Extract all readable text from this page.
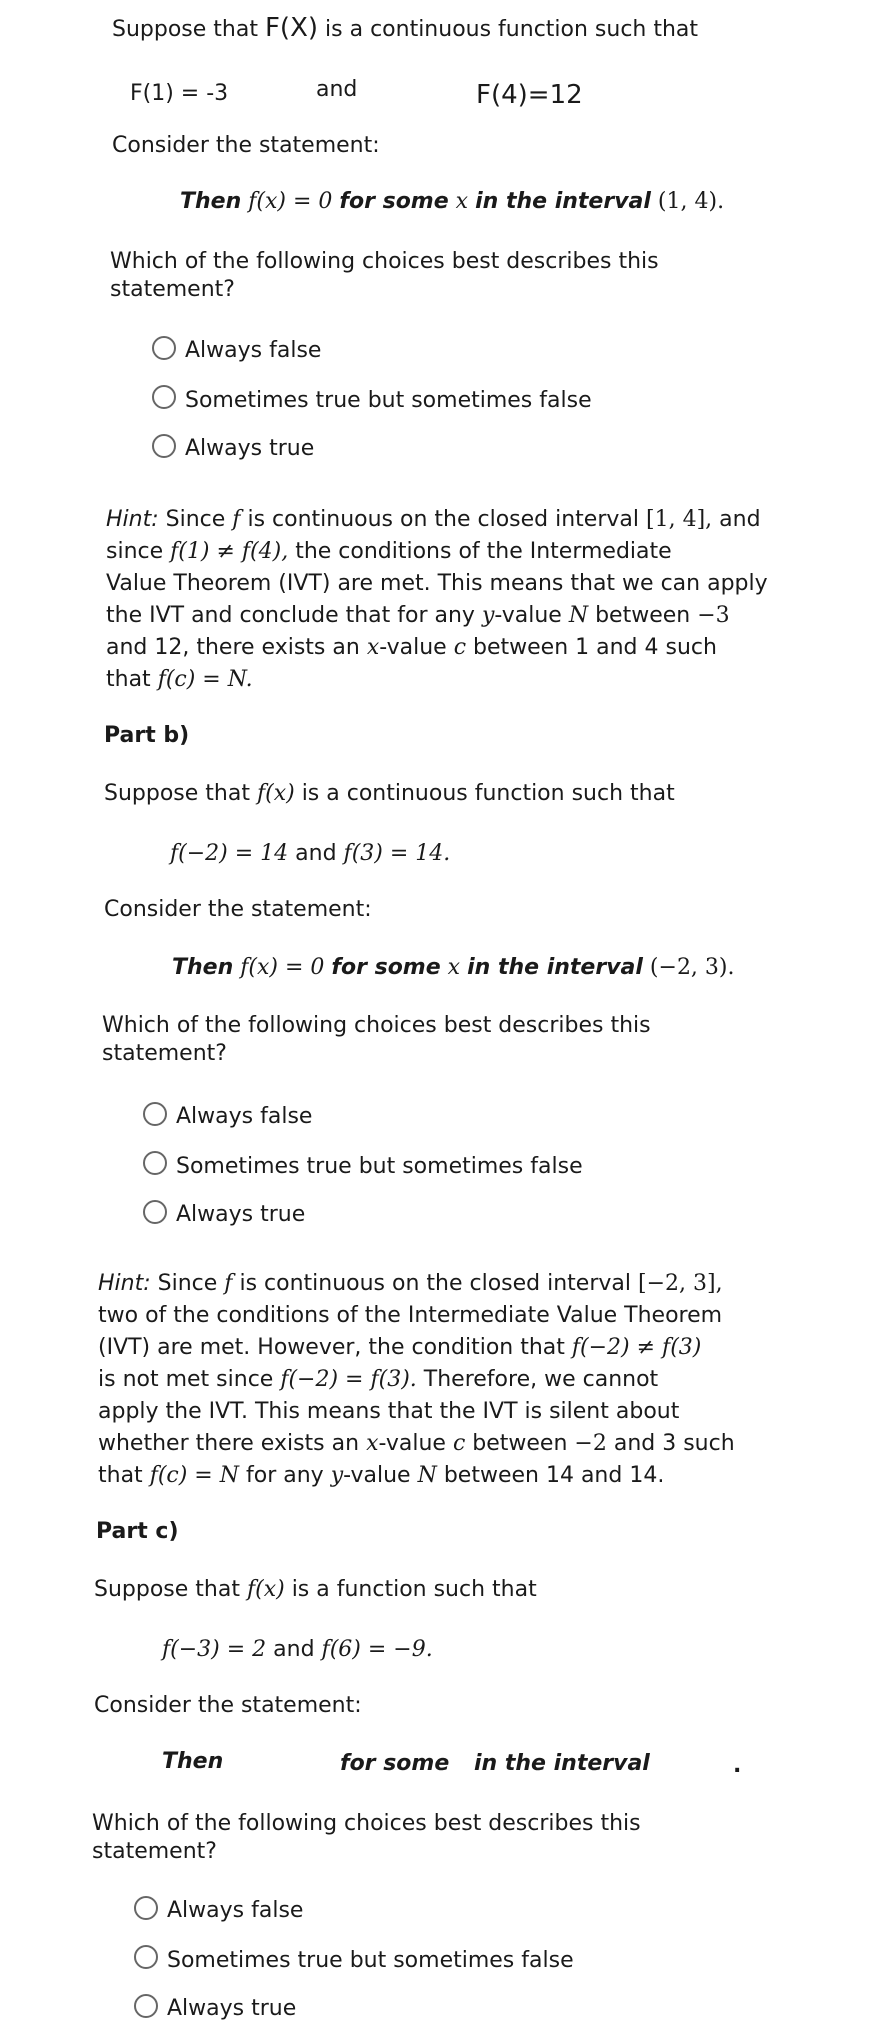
Suppose that F(X) is a continuous function such that
F(1) = -3	and	F(4)=12
Consider the statement:
Then f(x) = 0 for some x in the interval (1, 4).
Which of the following choices best describes this
statement?
Always false
Sometimes true but sometimes false
Always true
Hint: Since f is continuous on the closed interval [1, 4], and
since f(1) ≠ f(4), the conditions of the Intermediate
Value Theorem (IVT) are met. This means that we can apply
the IVT and conclude that for any y-value N between −3
and 12, there exists an x-value c between 1 and 4 such
that f(c) = N.
Part b)
Suppose that f(x) is a continuous function such that
f(−2) = 14 and f(3) = 14.
Consider the statement:
Then f(x) = 0 for some x in the interval (−2, 3).
Which of the following choices best describes this
statement?
Always false
Sometimes true but sometimes false
Always true
Hint: Since f is continuous on the closed interval [−2, 3],
two of the conditions of the Intermediate Value Theorem
(IVT) are met. However, the condition that f(−2) ≠ f(3)
is not met since f(−2) = f(3). Therefore, we cannot
apply the IVT. This means that the IVT is silent about
whether there exists an x-value c between −2 and 3 such
that f(c) = N for any y-value N between 14 and 14.
Part c)
Suppose that f(x) is a function such that
f(−3) = 2 and f(6) = −9.
Consider the statement:
Then	for some in the interval	.
Which of the following choices best describes this
statement?
Always false
Sometimes true but sometimes false
Always true
